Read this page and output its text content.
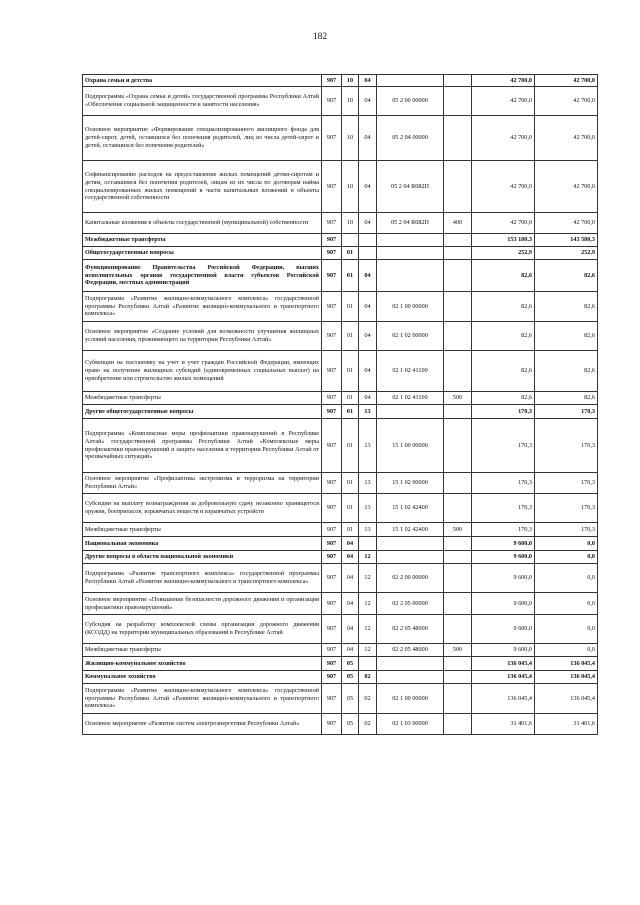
182
Охрана семьи и детства	907	10	04			42 700,0	42 700,0
Подпрограмма «Охрана семьи и детей» государственной программы Республики Алтай «Обеспечение социальной защищенности и занятости населения»	907	10	04	05 2 00 00000		42 700,0	42 700,0
Основное мероприятие «Формирование специализированного жилищного фонда для детей-сирот, детей, оставшихся без попечения родителей, лиц из числа детей-сирот и детей, оставшихся без попечения родителей»	907	10	04	05 2 04 00000		42 700,0	42 700,0
Софинансирование расходов на предоставление жилых помещений детям-сиротам и детям, оставшимся без попечения родителей, лицам из их числа по договорам найма специализированных жилых помещений в части капитальных вложений в объекты государственной собственности	907	10	04	05 2 04 R082П		42 700,0	42 700,0
Капитальные вложения в объекты государственной (муниципальной) собственности	907	10	04	05 2 04 R082П	400	42 700,0	42 700,0
Межбюджетные трансферты	907					153 180,3	143 580,3
Общегосударственные вопросы	907	01				252,9	252,9
Функционирование Правительства Российской Федерации, высших исполнительных органов государственной власти субъектов Российской Федерации, местных администраций	907	01	04			82,6	82,6
Подпрограмма «Развитие жилищно-коммунального комплекса» государственной программы Республики Алтай «Развитие жилищно-коммунального и транспортного комплекса»	907	01	04	02 1 00 00000		82,6	82,6
Основное мероприятие «Создание условий для возможности улучшения жилищных условий населения, проживающего на территории Республики Алтай»	907	01	04	02 1 02 00000		82,6	82,6
Субвенции на постановку на учет и учет граждан Российской Федерации, имеющих право на получение жилищных субсидий (единовременных социальных выплат) на приобретение или строительство жилых помещений	907	01	04	02 1 02 41100		82,6	82,6
Межбюджетные трансферты	907	01	04	02 1 02 41100	500	82,6	82,6
Другие общегосударственные вопросы	907	01	13			170,3	170,3
Подпрограмма «Комплексные меры профилактики правонарушений в Республике Алтай» государственной программы Республики Алтай «Комплексные меры профилактики правонарушений и защита населения и территории Республики Алтай от чрезвычайных ситуаций»	907	01	13	15 1 00 00000		170,3	170,3
Основное мероприятие «Профилактика экстремизма и терроризма на территории Республики Алтай»	907	01	13	15 1 02 00000		170,3	170,3
Субсидии на выплату вознаграждения за добровольную сдачу незаконно хранящегося оружия, боеприпасов, взрывчатых веществ и взрывчатых устройств	907	01	13	15 1 02 42400		170,3	170,3
Межбюджетные трансферты	907	01	13	15 1 02 42400	500	170,3	170,3
Национальная экономика	907	04				9 600,0	0,0
Другие вопросы в области национальной экономики	907	04	12			9 600,0	0,0
Подпрограмма «Развитие транспортного комплекса» государственной программы Республики Алтай «Развитие жилищно-коммунального и транспортного комплекса»	907	04	12	02 2 00 00000		9 600,0	0,0
Основное мероприятие «Повышение безопасности дорожного движения и организация профилактики правонарушений»	907	04	12	02 2 05 00000		9 600,0	0,0
Субсидия на разработку комплексной схемы организации дорожного движения (КСОДД) на территории муниципальных образований в Республике Алтай	907	04	12	02 2 05 48000		9 600,0	0,0
Межбюджетные трансферты	907	04	12	02 2 05 48000	500	9 600,0	0,0
Жилищно-коммунальное хозяйство	907	05				136 045,4	136 045,4
Коммунальное хозяйство	907	05	02			136 045,4	136 045,4
Подпрограмма «Развитие жилищно-коммунального комплекса» государственной программы Республики Алтай «Развитие жилищно-коммунального и транспортного комплекса»	907	05	02	02 1 00 00000		136 045,4	136 045,4
Основное мероприятие «Развитие систем электроэнергетики Республики Алтай»	907	05	02	02 1 03 00000		31 401,6	31 401,6
